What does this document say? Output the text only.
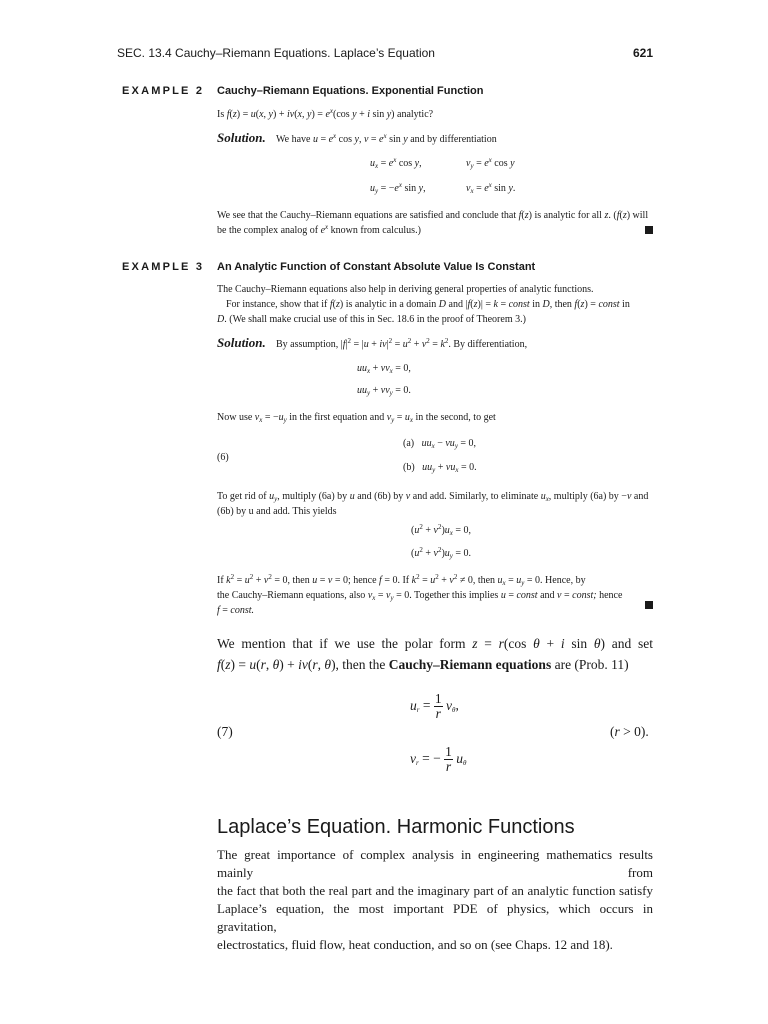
SEC. 13.4 Cauchy–Riemann Equations. Laplace’s Equation	621
EXAMPLE 2 Cauchy–Riemann Equations. Exponential Function
Is f(z) = u(x, y) + iv(x, $y) = e^x(\cos$ y + i sin y) analytic?
Solution. We have $u = e^x$ cos y, $v = e^x$ sin y and by differentiation
$u_x = e^x$ cos y,	$v_y = e^x$ cos y
$u_y = -e^x$ sin y,	$v_x = e^x$ sin y.
We see that the Cauchy–Riemann equations are satisfied and conclude that f(z) is analytic for all z. (f(z) will
be the complex analog of $e^x$ known from calculus.)
EXAMPLE 3 An Analytic Function of Constant Absolute Value Is Constant
The Cauchy–Riemann equations also help in deriving general properties of analytic functions.
For instance, show that if f(z) is analytic in a domain D and |f(z)| = k = const in D, then f(z) = const in
D. (We shall make crucial use of this in Sec. 18.6 in the proof of Theorem 3.)
Solution. By assumption, $|f|^2 = |u + iv|^2 = u^2 + v^2 = k^2$. By differentiation,
$uu_x + vv_x = 0$,
$uu_y + vv_y = 0$.
Now use $v_x = -u_y$ in the first equation and $v_y = u_x$ in the second, to get
(6)
(a)   $uu_x - vu_y = 0$,
(b)   $uu_y + vu_x = 0$.
To get rid of $u_y$, multiply (6a) by u and (6b) by v and add. Similarly, to eliminate $u_x$, multiply (6a) by −v and
(6b) by u and add. This yields
$(u^2 + v^2)u_x = 0$,
$(u^2 + v^2)u_y = 0$.
If $k^2 = u^2 + v^2 = 0$, then u = v = 0; hence f = 0. If $k^2 = u^2 + v^2 \ne 0$, then $u_x = u_y = 0$. Hence, by
the Cauchy–Riemann equations, also $v_x = v_y = 0$. Together this implies u = const and v = const; hence
f = const.
We mention that if we use the polar form z = r(cos θ + i sin θ) and set
f(z) = u(r, θ) + iv(r, θ), then the Cauchy–Riemann equations are (Prob. 11)
(7)
$u_r = \frac{1}{r} v_\theta$,
$v_r$ = − $\frac{1}{r} u_\theta$
(r > 0).
Laplace’s Equation. Harmonic Functions
The great importance of complex analysis in engineering mathematics results mainly from
the fact that both the real part and the imaginary part of an analytic function satisfy
Laplace’s equation, the most important PDE of physics, which occurs in gravitation,
electrostatics, fluid flow, heat conduction, and so on (see Chaps. 12 and 18).
